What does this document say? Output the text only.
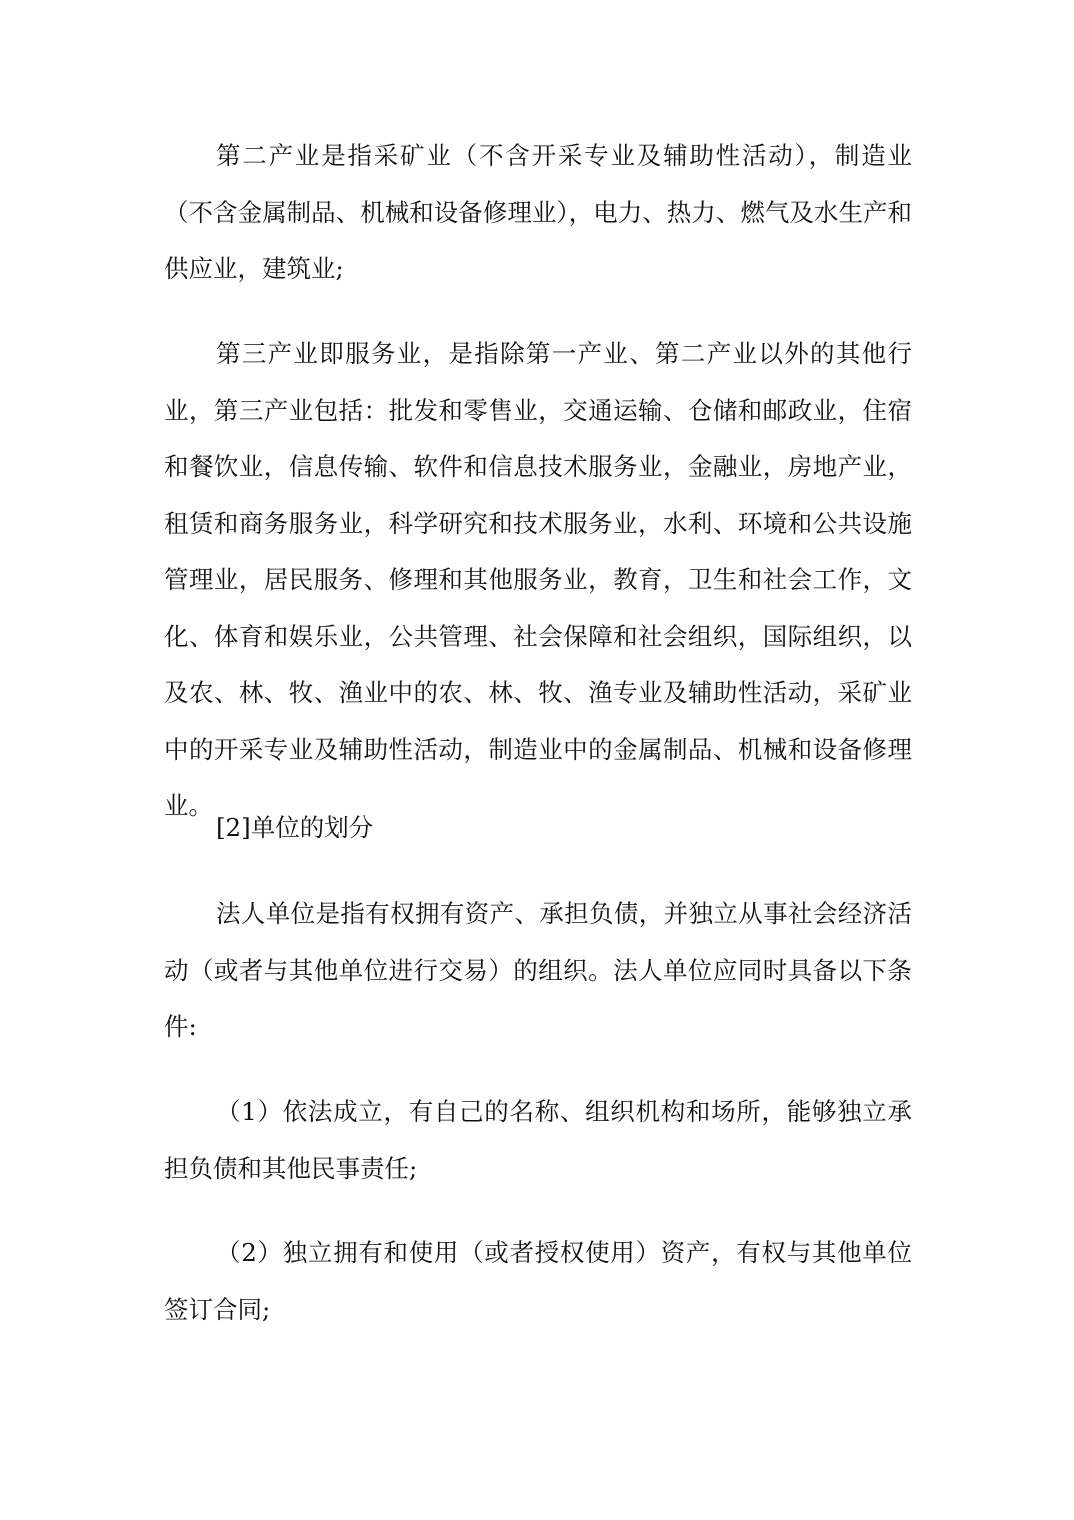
第二产业是指采矿业（不含开采专业及辅助性活动），制造业（不含金属制品、机械和设备修理业），电力、热力、燃气及水生产和供应业，建筑业;

第三产业即服务业，是指除第一产业、第二产业以外的其他行业，第三产业包括：批发和零售业，交通运输、仓储和邮政业，住宿和餐饮业，信息传输、软件和信息技术服务业，金融业，房地产业，租赁和商务服务业，科学研究和技术服务业，水利、环境和公共设施管理业，居民服务、修理和其他服务业，教育，卫生和社会工作，文化、体育和娱乐业，公共管理、社会保障和社会组织，国际组织，以及农、林、牧、渔业中的农、林、牧、渔专业及辅助性活动，采矿业中的开采专业及辅助性活动，制造业中的金属制品、机械和设备修理业。

[2]单位的划分

法人单位是指有权拥有资产、承担负债，并独立从事社会经济活动（或者与其他单位进行交易）的组织。法人单位应同时具备以下条件:

（1）依法成立，有自己的名称、组织机构和场所，能够独立承担负债和其他民事责任;

（2）独立拥有和使用（或者授权使用）资产，有权与其他单位签订合同;
